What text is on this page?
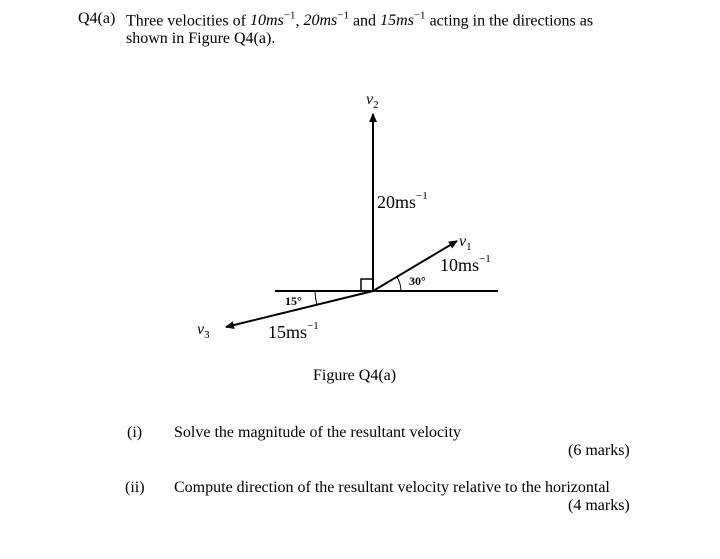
Q4(a) Three velocities of $10ms^{-1}$, $20ms^{-1}$ and $15ms^{-1}$ acting in the directions as
shown in Figure Q4(a).
$v_2$
$20ms^{-1}$
$v_1$
$10ms^{-1}$
30°
15°
$v_3$	$15ms^{-1}$
Figure Q4(a)
(i) Solve the magnitude of the resultant velocity
(6 marks)
(ii) Compute direction of the resultant velocity relative to the horizontal
(4 marks)
